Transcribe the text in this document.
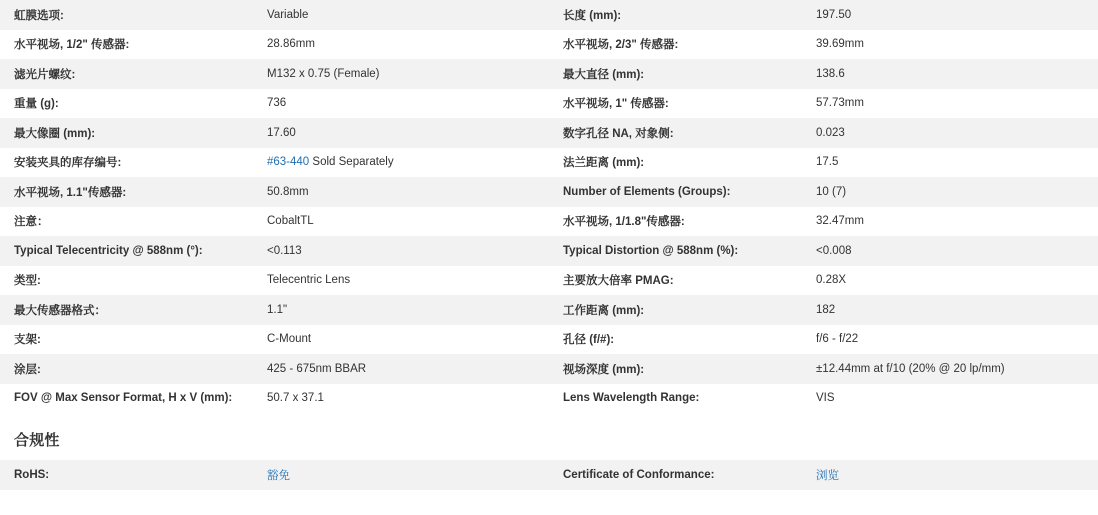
虹膜选项:	Variable	长度 (mm):	197.50
水平视场, 1/2" 传感器:	28.86mm	水平视场, 2/3" 传感器:	39.69mm
滤光片螺纹:	M132 x 0.75 (Female)	最大直径 (mm):	138.6
重量 (g):	736	水平视场, 1" 传感器:	57.73mm
最大像圈 (mm):	17.60	数字孔径 NA, 对象侧:	0.023
安装夹具的库存编号:	#63-440 Sold Separately	法兰距离 (mm):	17.5
水平视场, 1.1"传感器:	50.8mm	Number of Elements (Groups):	10 (7)
注意：	CobaltTL	水平视场, 1/1.8"传感器:	32.47mm
Typical Telecentricity @ 588nm (°):	<0.113	Typical Distortion @ 588nm (%):	<0.008
类型:	Telecentric Lens	主要放大倍率 PMAG:	0.28X
最大传感器格式：	1.1"	工作距离 (mm):	182
支架:	C-Mount	孔径 (f/#):	f/6 - f/22
涂层:	425 - 675nm BBAR	视场深度 (mm):	±12.44mm at f/10 (20% @ 20 lp/mm)
FOV @ Max Sensor Format, H x V (mm):	50.7 x 37.1	Lens Wavelength Range:	VIS
合规性
RoHS:	豁免	Certificate of Conformance:	浏览
